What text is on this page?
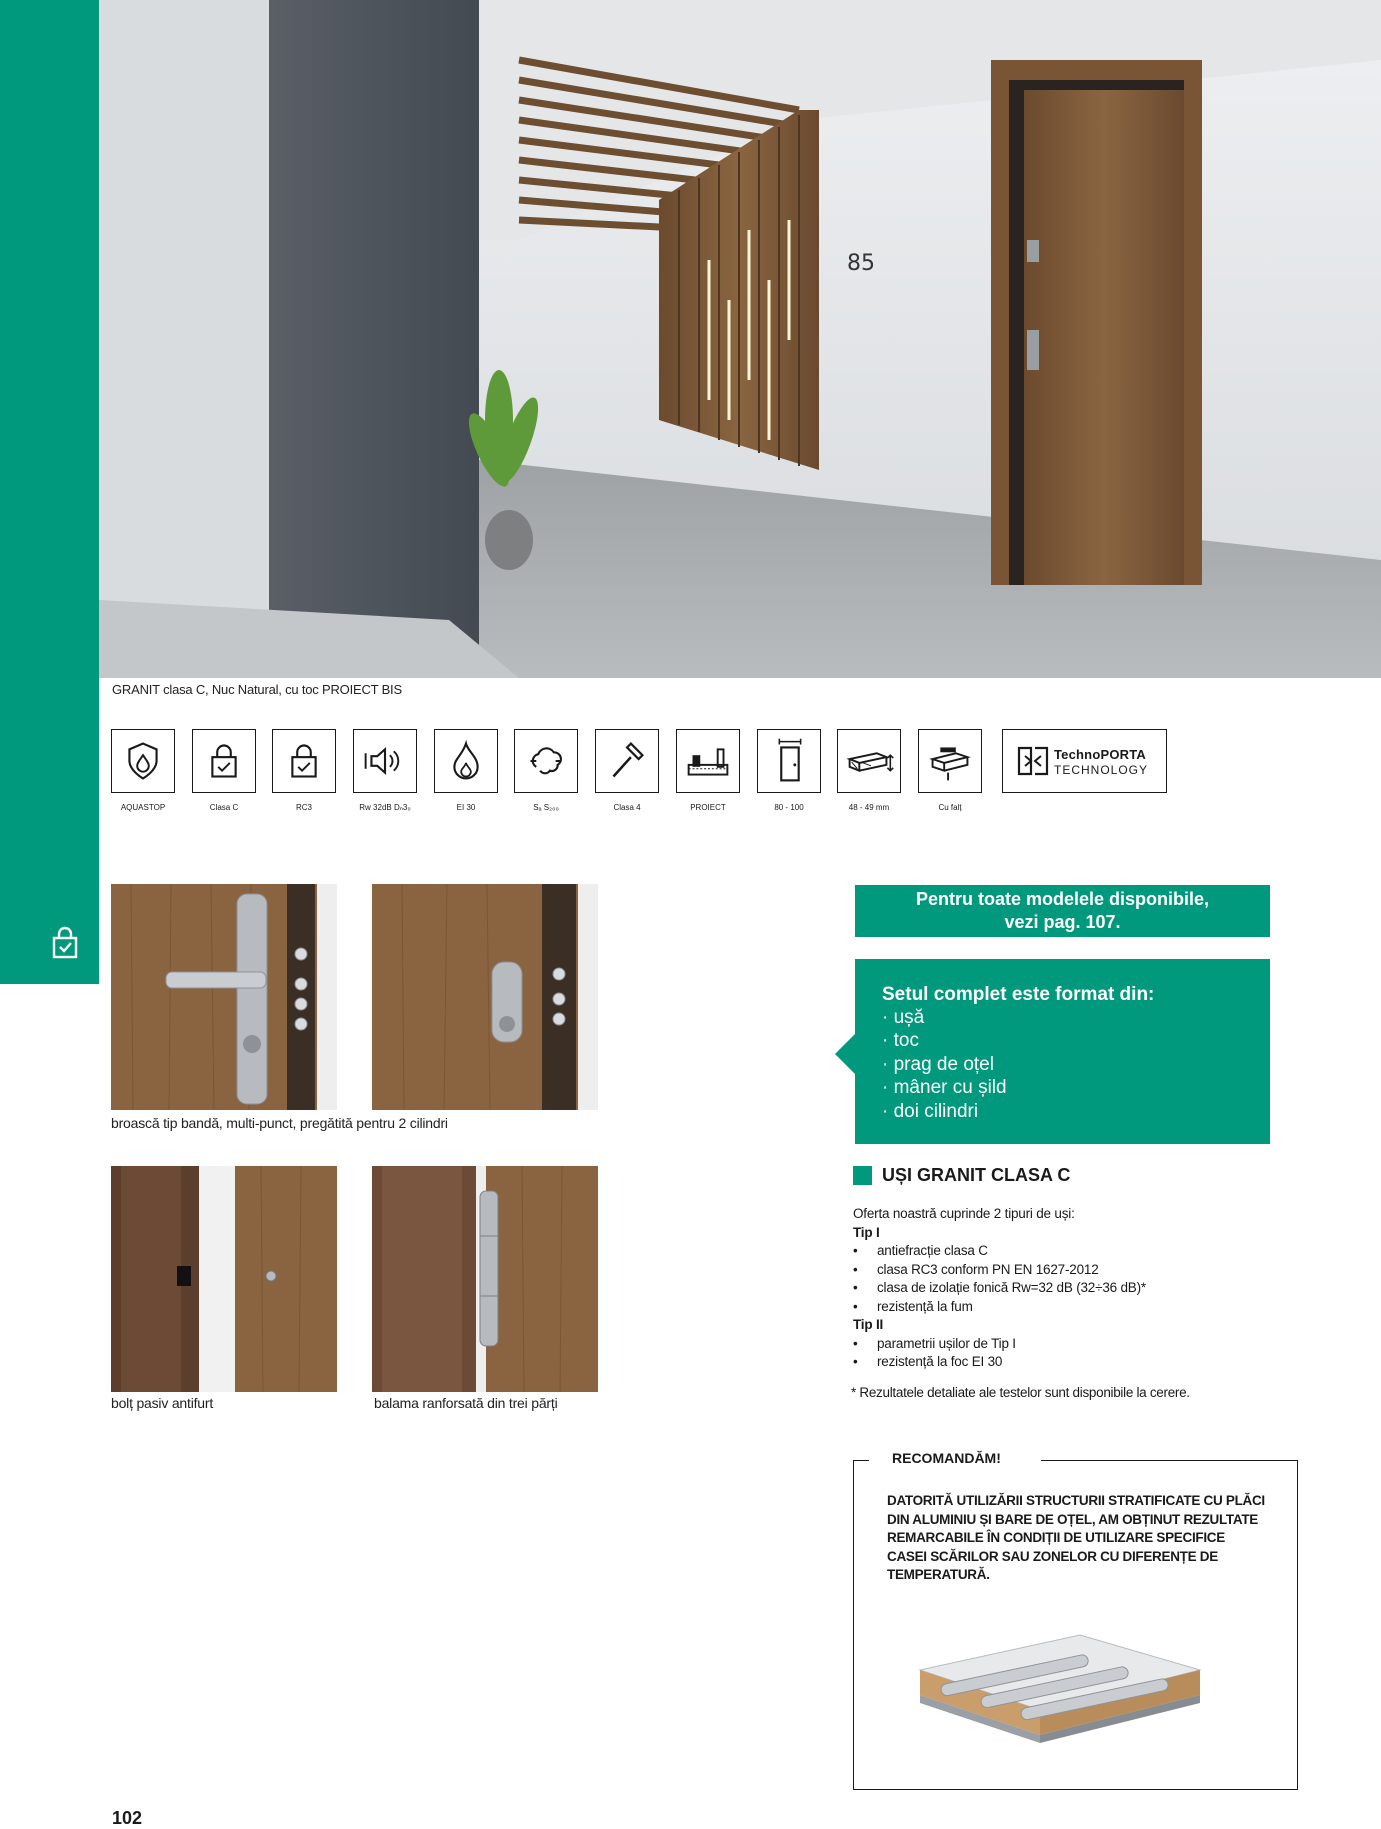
85
GRANIT clasa C, Nuc Natural, cu toc PROIECT BIS
AQUASTOP	Clasa C	RC3	Rw 32dB Dₙ3₀	EI 30	Sₐ S₂₀₀	Clasa 4	PROIECT	80 - 100	48 - 49 mm	Cu falț
TechnoPORTA
TECHNOLOGY
broască tip bandă, multi-punct, pregătită pentru 2 cilindri
bolț pasiv antifurt	balama ranforsată din trei părți
Pentru toate modelele disponibile,
vezi pag. 107.
Setul complet este format din:
· ușă
· toc
· prag de oțel
· mâner cu șild
· doi cilindri
UȘI GRANIT CLASA C
Oferta noastră cuprinde 2 tipuri de uși:
Tip I
• antiefracție clasa C
• clasa RC3 conform PN EN 1627-2012
• clasa de izolație fonică Rw=32 dB (32÷36 dB)*
• rezistență la fum
Tip II
• parametrii ușilor de Tip I
• rezistență la foc EI 30
* Rezultatele detaliate ale testelor sunt disponibile la cerere.
RECOMANDĂM!
DATORITĂ UTILIZĂRII STRUCTURII STRATIFICATE CU PLĂCI DIN ALUMINIU ȘI BARE DE OȚEL, AM OBȚINUT REZULTATE REMARCABILE ÎN CONDIȚII DE UTILIZARE SPECIFICE CASEI SCĂRILOR SAU ZONELOR CU DIFERENȚE DE TEMPERATURĂ.
102
